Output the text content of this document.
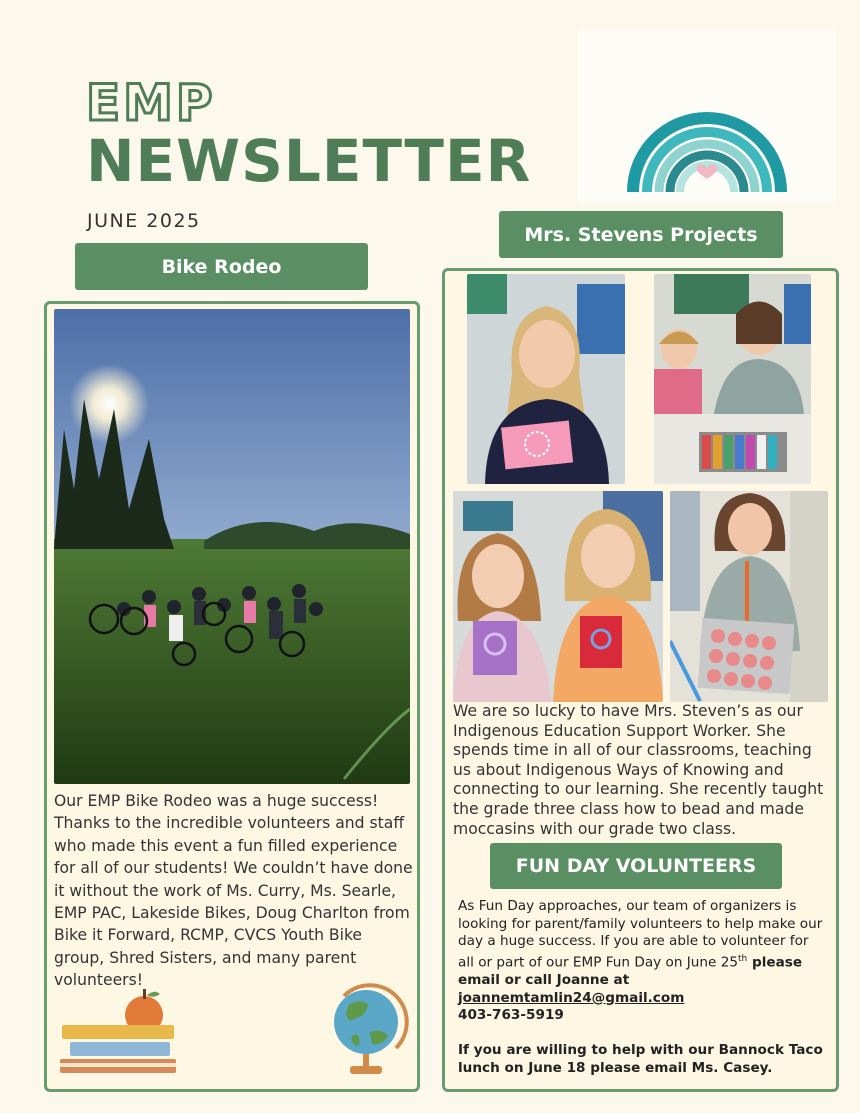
EMP
NEWSLETTER
JUNE 2025
Bike Rodeo
Our EMP Bike Rodeo was a huge success! Thanks to the incredible volunteers and staff who made this event a fun filled experience for all of our students! We couldn’t have done it without the work of Ms. Curry, Ms. Searle, EMP PAC, Lakeside Bikes, Doug Charlton from Bike it Forward, RCMP, CVCS Youth Bike group, Shred Sisters, and many parent volunteers!
Mrs. Stevens Projects
We are so lucky to have Mrs. Steven’s as our Indigenous Education Support Worker. She spends time in all of our classrooms, teaching us about Indigenous Ways of Knowing and connecting to our learning. She recently taught the grade three class how to bead and made moccasins with our grade two class.
FUN DAY VOLUNTEERS
As Fun Day approaches, our team of organizers is looking for parent/family volunteers to help make our day a huge success. If you are able to volunteer for all or part of our EMP Fun Day on June 25th please email or call Joanne at
joannemtamlin24@gmail.com
403-763-5919

If you are willing to help with our Bannock Taco lunch on June 18 please email Ms. Casey.
